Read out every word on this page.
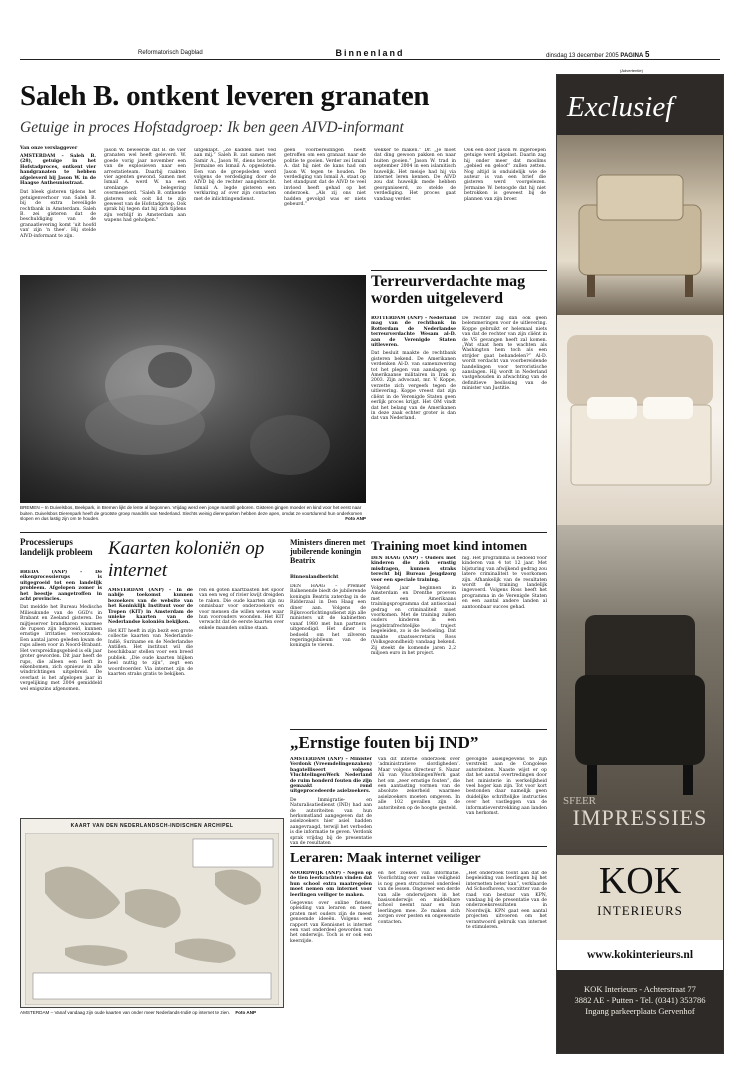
Reformatorisch Dagblad	Binnenland	dinsdag 13 december 2005 PAGINA 5
Saleh B. ontkent leveren granaten
Getuige in proces Hofstadgroep: Ik ben geen AIVD-informant
Van onze verslaggever

AMSTERDAM – Saleh B. (28), getuige in het Hofstadproces, ontkent vier handgranaten te hebben afgeleverd bij Jason W. in de Haagse Antheunisstraat.

Dat bleek gisteren tijdens het getuigenverhoor van Saleh B. bij de extra beveiligde rechtbank in Amsterdam. Saleh B. zei gisteren dat de beschuldiging van de granaatlevering komt ‘uit hoofd van' zijn 'n thee'. Hij stelde AIVD-informant te zijn.

Jason W. beweerde dat B. de vier granaten wel heeft geleverd. W. goede vorig jaar november een van de explosieven naar een arrestatieteam. Daarbij raakten vier agenten gewond. Samen met Ismail A. werd W. na een urenlange belegering overmeesterd. “Saleh B. ontkende gisteren ook ooit lid te zijn geweest van de Hofstadgroep. Ook sprak hij tegen dat hij zich tijdens zijn verblijf in Amsterdam aan wapens had geholpen.”
uitgeklapt. „Ze kadden niet ved aan mij.” Saleh B. zat samen met Samir A., Jason W., diens broertje Jermaine en Ismail A. opgesloten. Een van de groepsleden werd volgens de verdediging door de AIVD bij de rechter aangebracht. Ismail A. legde gisteren een verklaring af over zijn contacten met de inlichtingendienst.
geen voorbereidingen heeft getroffen om een granaat naar de politie te gooien. Verder zei Ismail A. dat hij niet de kans had om Jason W. tegen te houden. De verdediging van Ismail A. staat op het standpunt dat de AIVD te veel invloed heeft gehad op het onderzoek. „Als zij ons niet hadden gevolgd was er niets gebeurd.”
wekker te maken.” Dr. „Je moet dat ding gewoon pakken en naar buiten gooien.” Jason W. trad in september 2004 in een islamitisch huwelijk. Het meisje had hij via internet leren kennen. De AIVD zou dat huwelijk mede hebben georganiseerd, zo stelde de verdediging. Het proces gaat vandaag verder.
Ook een door Jason W. ingeroepen getuige werd afgelast. Daarin zag hij onder meer dat moslims „gebied en geloof” zullen zetten. Nog altijd is onduidelijk wie de auteur is van een brief die gisteren werd voorgelezen. Jermaine W. betoogde dat hij niet betrokken is geweest bij de plannen van zijn broer.
BREMEN – In Duivelsbos, Beekpark, in Bremen lijkt de lente al begonnen. Vrijdag werd een jonge mantrill geboren. Gisteren gingen moeder en kind voor het eerst naar buiten. Duivelsbos Dierenpark heeft de grootste groep mandrils van Nederland. Slechts weinig dierenparken hebben deze apen, omdat ze voortdurend hun onderkomen slopen en dus lastig zijn om te houden.	Foto ANP
Terreurverdachte mag worden uitgeleverd

ROTTERDAM (ANP) – Nederland mag van de rechtbank in Rotterdam de Nederlandse terreurverdachte Wesam al-D. aan de Verenigde Staten uitleveren.

Dat besluit maakte de rechtbank gisteren bekend. De Amerikanen verdenken Al-D. van samenzwering tot het plegen van aanslagen op Amerikaanse militairen in Irak in 2003. Zijn advocaat, mr. V. Koppe, verzette zich vergeefs tegen de uitlevering. Koppe vreest dat zijn cliënt in de Verenigde Staten geen eerlijk proces krijgt. Het OM vindt dat het belang van de Amerikanen in deze zaak echter groter is dan dat van Nederland.

De rechter zag dan ook geen belemmeringen voor de uitlevering. Koppe gebruikt er helemaal niets van dat de rechter van zijn cliënt in de VS gevangen heeft zal komen. „Wat staat hem te wachten als Washington hem toch als een strijder gaat behandelen?” Al-D. wordt verdacht van voorbereidende handelingen voor terroristische aanslagen. Hij wordt in Nederland vastgehouden in afwachting van de definitieve beslissing van de minister van Justitie.
Processierups landelijk probleem

BREDA (ANP) – De eikenprocessierups is uitgegroeid tot een landelijk probleem. Afgelopen zomer is het beestje aangetroffen in acht provincies.

Dat meldde het Bureau Medische Milieukunde van de GGD's in Brabant en Zeeland gisteren. De mijtjeserver brandharen waarmee de rupsen zijn begroeid, kunnen ernstige irritaties veroorzaken. Een aantal jaren geleden kwam de rups alleen voor in Noord-Brabant. Het verspreidingsgebied is elk jaar groter geworden. Dit jaar heeft de rups, die alleen een leeft in eikenbomen, zich opnieuw in alle windrichtingen uitgebreid. De overlast is het afgelopen jaar in vergelijking met 2004 gemiddeld wel enigszins afgenomen.

Kaarten koloniën op internet

AMSTERDAM (ANP) – In de nabije toekomst kunnen bezoekers van de website van het Koninklijk Instituut voor de Tropen (KIT) in Amsterdam de unieke kaarten van de Nederlandse koloniën bekijken.

Het KIT heeft in zijn bezit een grote collectie kaarten van Nederlands-Indië, Suriname en de Nederlandse Antillen. Het instituut wil die beschikbaar stellen voor een breed publiek. „Die oude kaarten blijken heel nuttig te zijn”, zegt een woordvoerder. Via internet zijn de kaarten straks gratis te bekijken.

ren en goten kaartbasten het spoor van een weg of rivier kwijt dreigden te raken. Die oude kaarten zijn nu onmisbaar voor onderzoekers en voor mensen die willen weten waar hun voorouders woonden. Het KIT verwacht dat de eerste kaarten over enkele maanden online staan.
Ministers dineren met jubilerende koningin Beatrix
Binnenlandbericht
DEN HAAG – Premier Balkenende biedt de jubilerende koningin Beatrix zaterdag in de Ridderzaal in Den Haag een diner aan. Volgens de Rijksvoorlichtingsdienst zijn alle ministers uit de kabinetten vanaf 1980 met hun partners uitgenodigd. Het diner is bedoeld om het zilveren regeringsjubileum van de koningin te vieren.
Training moet kind intomen

DEN HAAG (ANP) – Ouders met kinderen die zich ernstig misdragen, kunnen straks terecht bij Bureau Jeugdzorg voor een speciale training.

Volgend jaar beginnen in Amsterdam en Drenthe proeven met een Amerikaans trainingsprogramma dat antisociaal gedrag en criminaliteit moet voorkomen. Met de training zullen ouders kinderen in een jeugdstrafrechtelijke traject begeleiden, zo is de bedoeling. Dat maakte staatssecretaris Ross (Volksgezondheid) vandaag bekend. Zij steekt de komende jaren 2,2 miljoen euro in het project.

nig. Het programma is bedoeld voor kinderen van 4 tot 12 jaar. Met bijsturing van afwijkend gedrag zou latere criminaliteit te voorkomen zijn. Afhankelijk van de resultaten wordt de training landelijk ingevoerd. Volgens Ross heeft het programma in de Verenigde Staten en een aantal andere landen al aantoonbaar succes gehad.
„Ernstige fouten bij IND”

AMSTERDAM (ANP) – Minister Verdonk (Vreemdelingenzaken) bagatelliseert volgens VluchtelingenWerk Nederland de ruim honderd fouten die zijn gemaakt rond uitgeprocedeerde asielzoekers.

De Immigratie- en Naturalisatiedienst (IND) had aan de autoriteiten van hun herkomstland aangegeven dat de asielzoekers hier asiel hadden aangevraagd, terwijl het verboden is die informatie te geven. Verdonk sprak vrijdag bij de presentatie van de resultaten

van dit interne onderzoek over ‘administratieve slordigheden’. Maar volgens directeur S. Nazar Ali van VluchtelingenWerk gaat het om „zeer ernstige fouten”, die een aantasting vormen van de absolute zekerheid waarmee asielzoekers moeten omgeven. In alle 102 gevallen zijn de autoriteiten op de hoogte gesteld.
gevolgde asielgegevens te zijn verstrekt aan de Congolese autoriteiten. Naaste wijst er op dat het aantal overtredingen door het ministerie in werkelijkheid veel hoger kan zijn. Tot voor kort bestonden daar namelijk geen duidelijke schriftelijke instructies over het vastleggen van de informatieverstrekking aan landen van herkomst.
KAART VAN DEN NEDERLANDSCH-INDISCHEN ARCHIPEL
AMSTERDAM – Vanaf vandaag zijn oude kaarten van onder meer Nederlands-Indië op internet te zien. Foto ANP
Leraren: Maak internet veiliger

NOORDWIJK (ANP) – Negen op de tien leerkrachten vinden dat hun school extra maatregelen moet nemen om internet voor leerlingen veiliger te maken.

Gegevens over online fietsen, opleiding van leraren en meer praten met ouders zijn de meest genoemde ideeën. Volgens een rapport van Kennisnet is internet een vast onderdeel geworden van het onderwijs. Toch is er ook een keerzijde.

en het zoeken van informatie. Voorlichting over online veiligheid is nog geen structureel onderdeel van de lessen. Ongeveer een derde van alle onderwijzers in het basisonderwijs en middelbare school neemt naar en hun leerlingen mee. Ze maken zich zorgen over pesten en ongewenste contacten.
„Het onderzoek toont aan dat de begeleiding van leerlingen bij het internetten beter kan”, verklaarde Ad Schoofhoven, voorzitter van de raad van bestuur van KPN, vandaag bij de presentatie van de onderzoeksresultaten in Noordwijk. KPN gaat een aantal projecten uitvoeren om het verantwoord gebruik van internet te stimuleren.
(Advertentie)
Exclusief
IMPRESSIES
SFEER
KOK
INTERIEURS
www.kokinterieurs.nl
KOK Interieurs - Achterstraat 77
3882 AE - Putten - Tel. (0341) 353786
Ingang parkeerplaats Gervenhof
